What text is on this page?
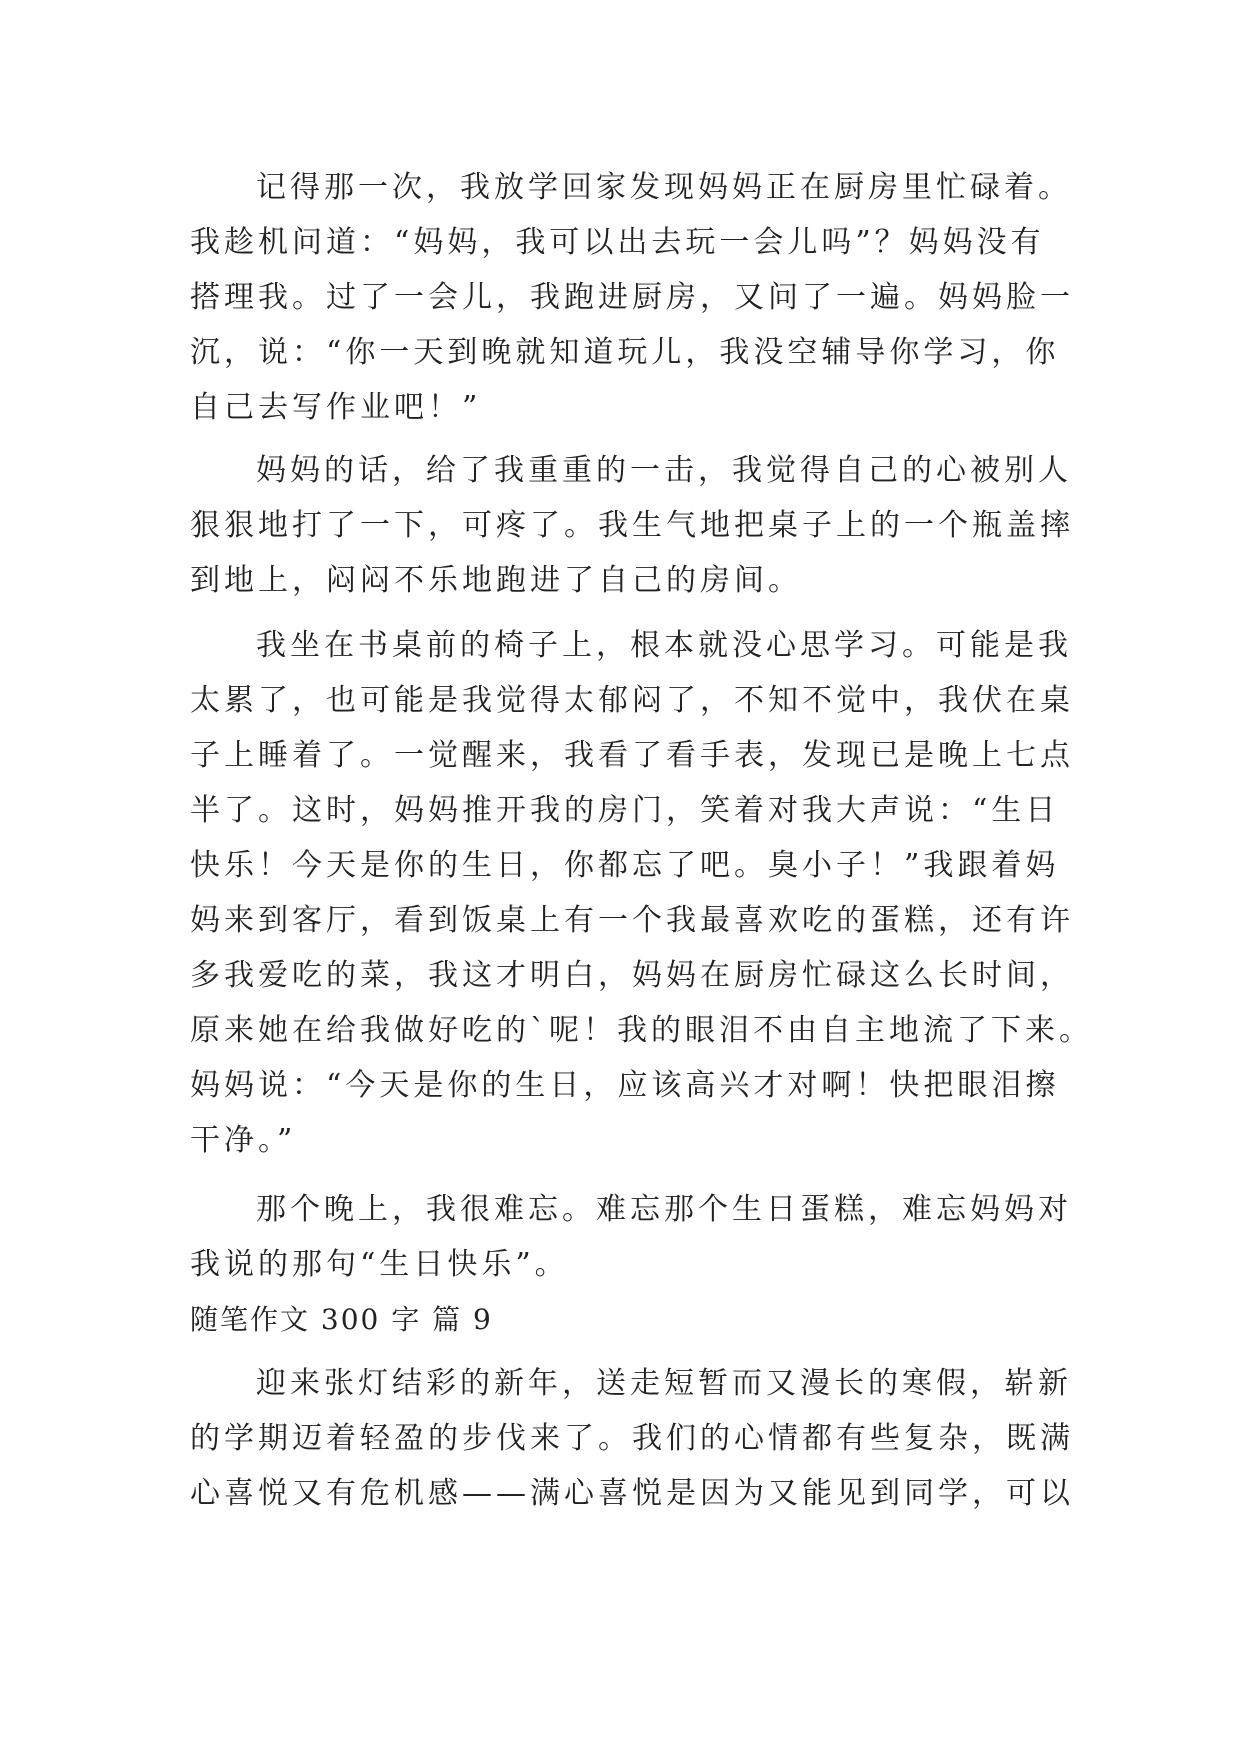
记得那一次，我放学回家发现妈妈正在厨房里忙碌着。
我趁机问道：“妈妈，我可以出去玩一会儿吗”？妈妈没有
搭理我。过了一会儿，我跑进厨房，又问了一遍。妈妈脸一
沉，说：“你一天到晚就知道玩儿，我没空辅导你学习，你
自己去写作业吧！”
妈妈的话，给了我重重的一击，我觉得自己的心被别人
狠狠地打了一下，可疼了。我生气地把桌子上的一个瓶盖摔
到地上，闷闷不乐地跑进了自己的房间。
我坐在书桌前的椅子上，根本就没心思学习。可能是我
太累了，也可能是我觉得太郁闷了，不知不觉中，我伏在桌
子上睡着了。一觉醒来，我看了看手表，发现已是晚上七点
半了。这时，妈妈推开我的房门，笑着对我大声说：“生日
快乐！今天是你的生日，你都忘了吧。臭小子！”我跟着妈
妈来到客厅，看到饭桌上有一个我最喜欢吃的蛋糕，还有许
多我爱吃的菜，我这才明白，妈妈在厨房忙碌这么长时间，
原来她在给我做好吃的`呢！我的眼泪不由自主地流了下来。
妈妈说：“今天是你的生日，应该高兴才对啊！快把眼泪擦
干净。”
那个晚上，我很难忘。难忘那个生日蛋糕，难忘妈妈对
我说的那句“生日快乐”。
随笔作文 300 字 篇 9
迎来张灯结彩的新年，送走短暂而又漫长的寒假，崭新
的学期迈着轻盈的步伐来了。我们的心情都有些复杂，既满
心喜悦又有危机感——满心喜悦是因为又能见到同学，可以
